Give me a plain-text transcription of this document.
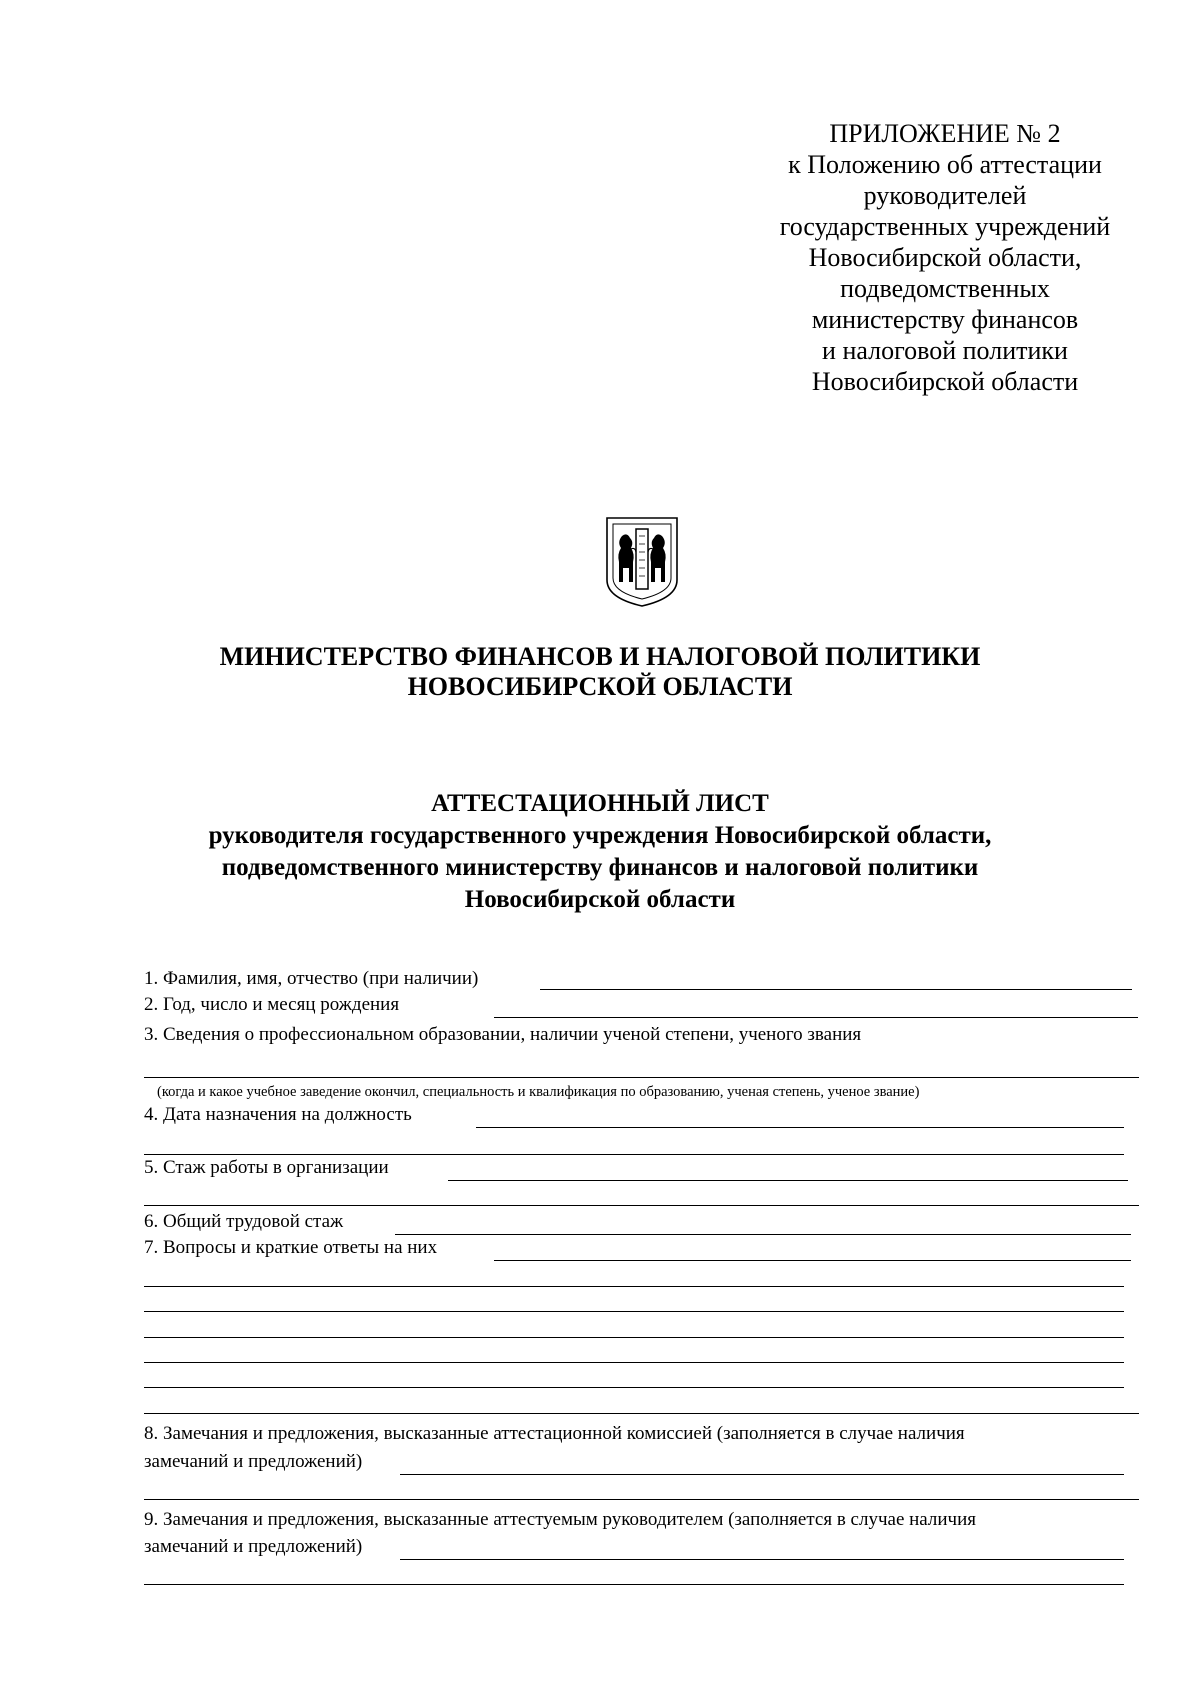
ПРИЛОЖЕНИЕ № 2
к Положению об аттестации
руководителей
государственных учреждений
Новосибирской области,
подведомственных
министерству финансов
и налоговой политики
Новосибирской области
МИНИСТЕРСТВО ФИНАНСОВ И НАЛОГОВОЙ ПОЛИТИКИ
НОВОСИБИРСКОЙ ОБЛАСТИ
АТТЕСТАЦИОННЫЙ ЛИСТ
руководителя государственного учреждения Новосибирской области,
подведомственного министерству финансов и налоговой политики
Новосибирской области
1. Фамилия, имя, отчество (при наличии)
2. Год, число и месяц рождения
3. Сведения о профессиональном образовании, наличии ученой степени, ученого звания
(когда и какое учебное заведение окончил, специальность и квалификация по образованию, ученая степень, ученое звание)
4. Дата назначения на должность
5. Стаж работы в организации
6. Общий трудовой стаж
7. Вопросы и краткие ответы на них
8. Замечания и предложения, высказанные аттестационной комиссией (заполняется в случае наличия
замечаний и предложений)
9. Замечания и предложения, высказанные аттестуемым руководителем (заполняется в случае наличия
замечаний и предложений)
